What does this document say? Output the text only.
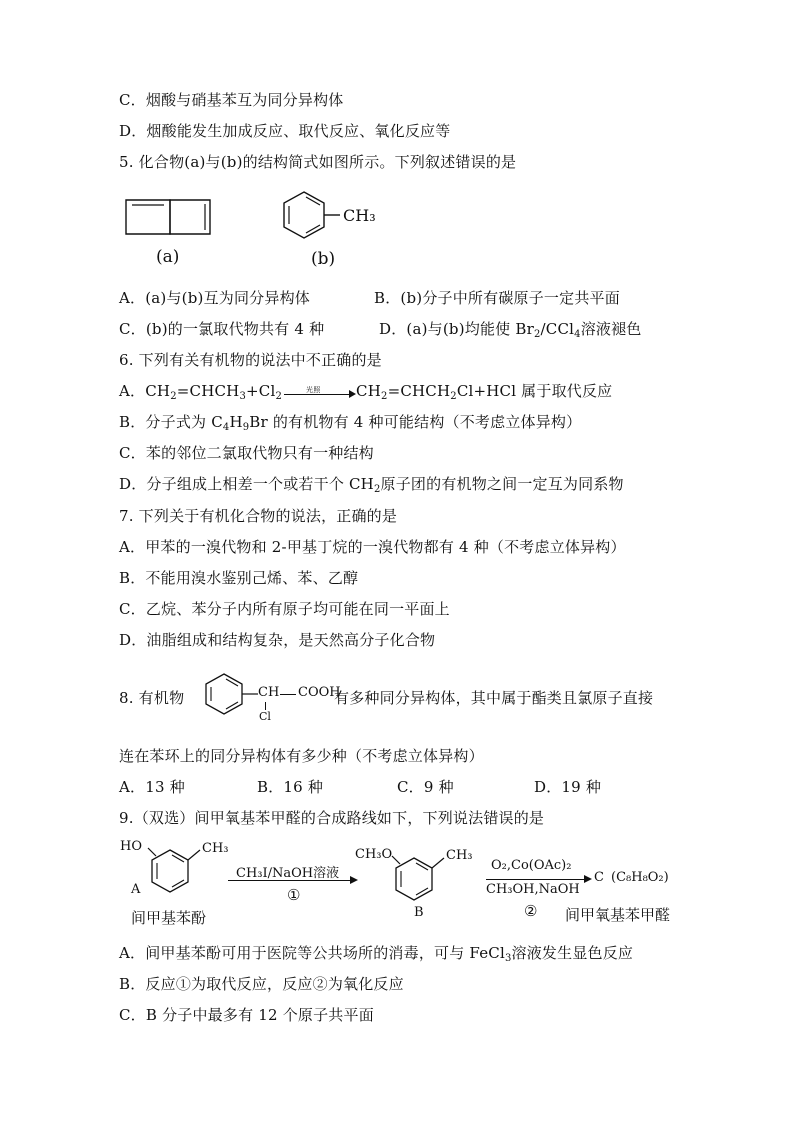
C．烟酸与硝基苯互为同分异构体
D．烟酸能发生加成反应、取代反应、氧化反应等
5. 化合物(a)与(b)的结构简式如图所示。下列叙述错误的是
(a)
CH₃
(b)
A．(a)与(b)互为同分异构体	B．(b)分子中所有碳原子一定共平面
C．(b)的一氯取代物共有 4 种	D．(a)与(b)均能使 $Br_2/CCl_4$溶液褪色
6. 下列有关有机物的说法中不正确的是
A．$CH_2=CHCH_3+Cl_2$
光照 $CH_2=CHCH_2Cl+HCl$ 属于取代反应
B．分子式为 $C_4H_9Br$ 的有机物有 4 种可能结构（不考虑立体异构）
C．苯的邻位二氯取代物只有一种结构
D．分子组成上相差一个或若干个 $CH_2$原子团的有机物之间一定互为同系物
7. 下列关于有机化合物的说法，正确的是
A．甲苯的一溴代物和 2-甲基丁烷的一溴代物都有 4 种（不考虑立体异构）
B．不能用溴水鉴别己烯、苯、乙醇
C．乙烷、苯分子内所有原子均可能在同一平面上
D．油脂组成和结构复杂，是天然高分子化合物
8. 有机物	CH COOH
Cl
有多种同分异构体，其中属于酯类且氯原子直接
连在苯环上的同分异构体有多少种（不考虑立体异构）
A．13 种	B．16 种	C．9 种	D．19 种
9.（双选）间甲氧基苯甲醛的合成路线如下，下列说法错误的是
HO	CH₃
A
间甲基苯酚
CH₃I/NaOH溶液
①
CH₃O	CH₃
B
O₂,Co(OAc)₂
CH₃OH,NaOH
C (C₈H₈O₂)
② 间甲氧基苯甲醛
A．间甲基苯酚可用于医院等公共场所的消毒，可与 FeCl$_3$溶液发生显色反应
B．反应①为取代反应，反应②为氧化反应
C．B 分子中最多有 12 个原子共平面
